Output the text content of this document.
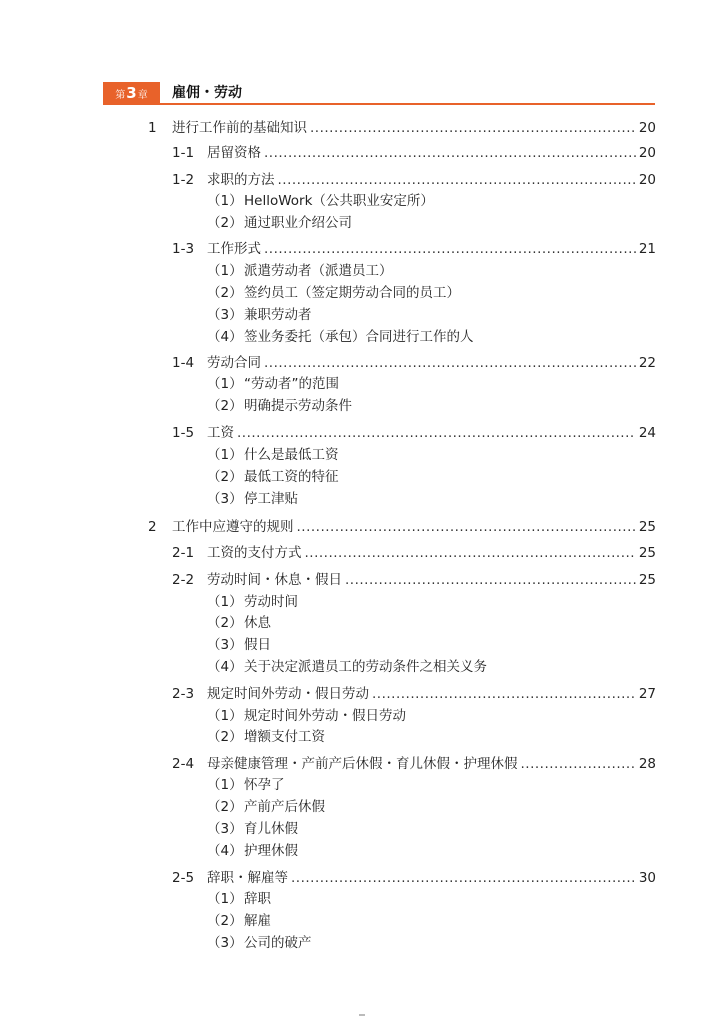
第3章	雇佣・劳动
1	进行工作前的基础知识 .....	20
1-1 居留资格 .....	20
1-2 求职的方法 .....	20
（1） HelloWork（公共职业安定所）
（2） 通过职业介绍公司
1-3 工作形式 .....	21
（1） 派遣劳动者（派遣员工）
（2） 签约员工（签定期劳动合同的员工）
（3） 兼职劳动者
（4） 签业务委托（承包）合同进行工作的人
1-4 劳动合同 .....	22
（1） “劳动者”的范围
（2） 明确提示劳动条件
1-5 工资 .....	24
（1） 什么是最低工资
（2） 最低工资的特征
（3） 停工津贴
2	工作中应遵守的规则 .....	25
2-1 工资的支付方式 .....	25
2-2 劳动时间・休息・假日 .....	25
（1） 劳动时间
（2） 休息
（3） 假日
（4） 关于决定派遣员工的劳动条件之相关义务
2-3 规定时间外劳动・假日劳动 .....	27
（1） 规定时间外劳动・假日劳动
（2） 增额支付工资
2-4 母亲健康管理・产前产后休假・育儿休假・护理休假 .....	28
（1） 怀孕了
（2） 产前产后休假
（3） 育儿休假
（4） 护理休假
2-5 辞职・解雇等 .....	30
（1） 辞职
（2） 解雇
（3） 公司的破产
